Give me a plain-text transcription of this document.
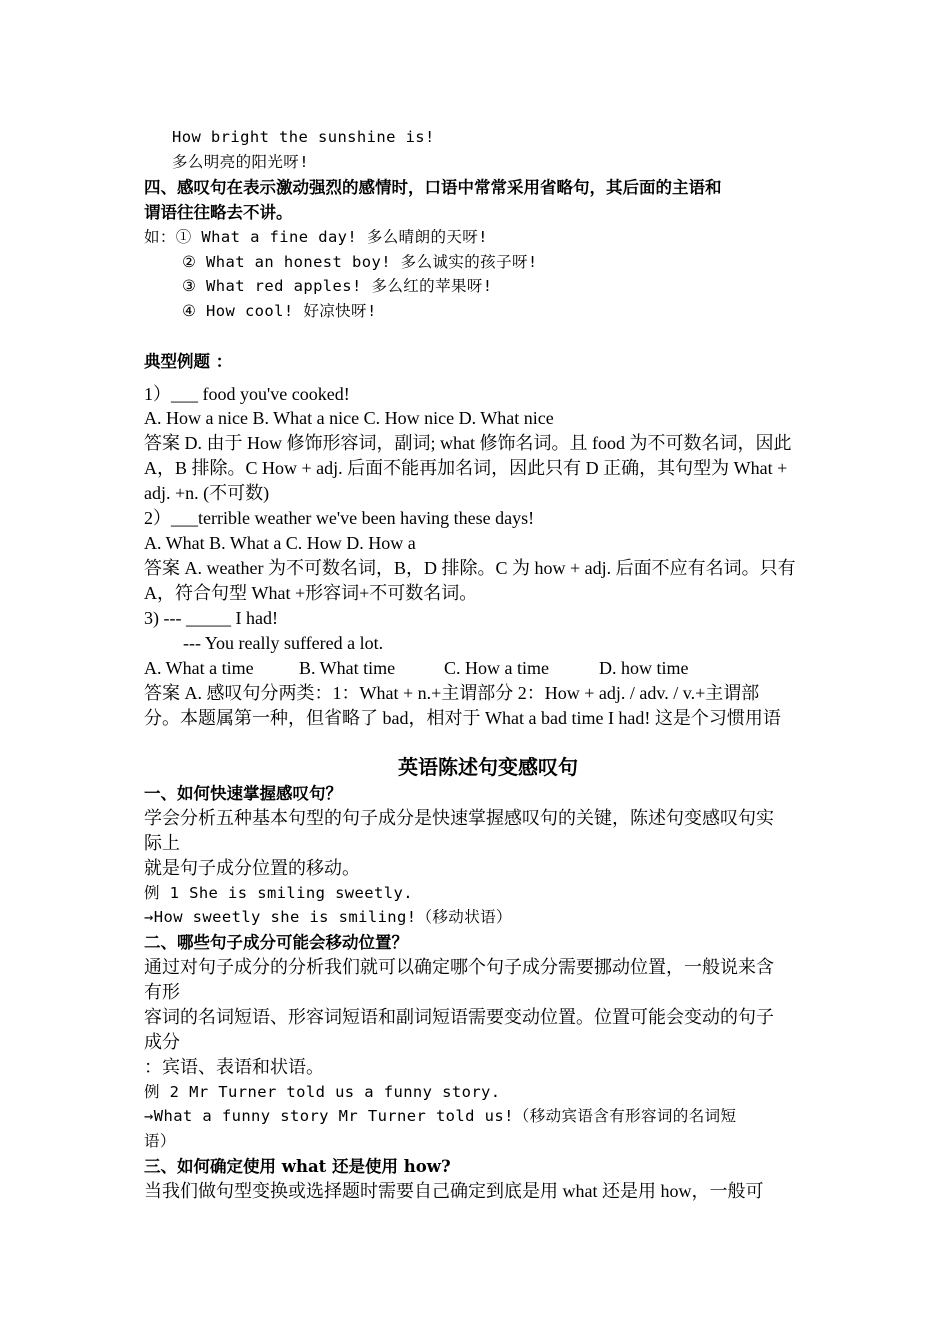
How bright the sunshine is!
多么明亮的阳光呀!
四、感叹句在表示激动强烈的感情时，口语中常常采用省略句，其后面的主语和
谓语往往略去不讲。
如：① What a fine day! 多么晴朗的天呀!
② What an honest boy! 多么诚实的孩子呀!
③ What red apples! 多么红的苹果呀!
④ How cool! 好凉快呀!
典型例题 ：
1）___ food you've cooked!
A. How a nice B. What a nice C. How nice D. What nice
答案 D. 由于 How 修饰形容词，副词; what 修饰名词。且 food 为不可数名词，因此
A，B 排除。C How + adj. 后面不能再加名词，因此只有 D 正确，其句型为 What +
adj. +n. (不可数)
2）___terrible weather we've been having these days!
A. What B. What a C. How D. How a
答案 A. weather 为不可数名词，B，D 排除。C 为 how + adj. 后面不应有名词。只有
A，符合句型 What +形容词+不可数名词。
3) --- _____ I had!
--- You really suffered a lot.
A. What a time	B. What time	C. How a time	D. how time
答案 A. 感叹句分两类：1：What + n.+主谓部分 2：How + adj. / adv. / v.+主谓部
分。本题属第一种，但省略了 bad，相对于 What a bad time I had! 这是个习惯用语
英语陈述句变感叹句
一、如何快速掌握感叹句？
学会分析五种基本句型的句子成分是快速掌握感叹句的关键，陈述句变感叹句实
际上
就是句子成分位置的移动。
例 1 She is smiling sweetly.
→How sweetly she is smiling!（移动状语）
二、哪些句子成分可能会移动位置？
通过对句子成分的分析我们就可以确定哪个句子成分需要挪动位置，一般说来含
有形
容词的名词短语、形容词短语和副词短语需要变动位置。位置可能会变动的句子
成分
：宾语、表语和状语。
例 2 Mr Turner told us a funny story.
→What a funny story Mr Turner told us!（移动宾语含有形容词的名词短
语）
三、如何确定使用 what 还是使用 how?
当我们做句型变换或选择题时需要自己确定到底是用 what 还是用 how，一般可
